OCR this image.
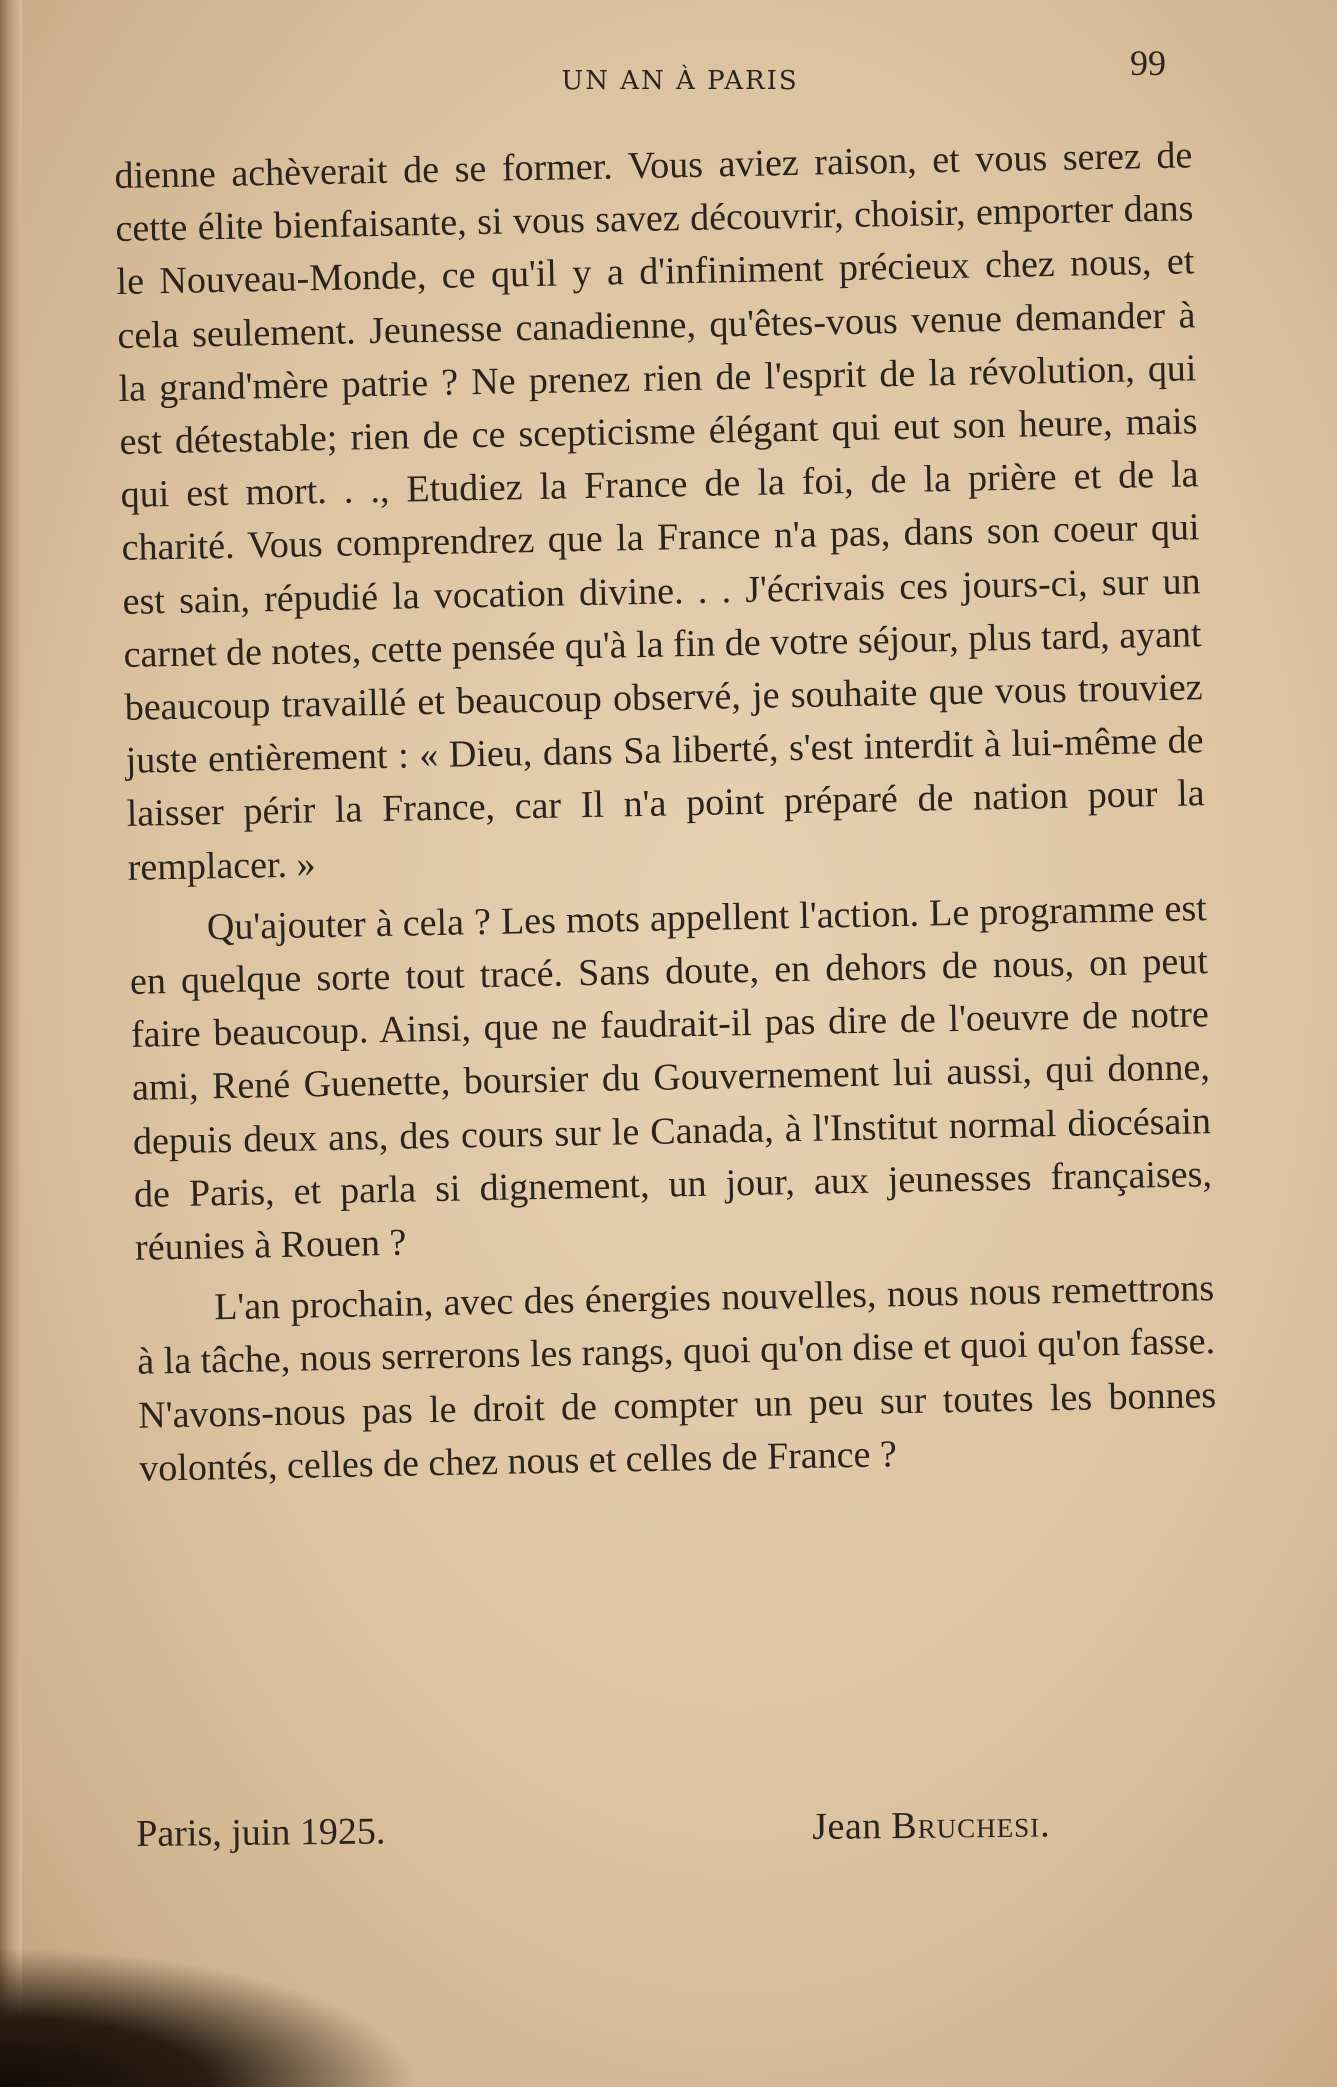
UN AN À PARIS	99

dienne achèverait de se former. Vous aviez raison, et vous serez de cette élite bienfaisante, si vous savez découvrir, choisir, emporter dans le Nouveau-Monde, ce qu'il y a d'infiniment précieux chez nous, et cela seulement. Jeunesse canadienne, qu'êtes-vous venue demander à la grand'mère patrie ? Ne prenez rien de l'esprit de la révolution, qui est détestable; rien de ce scepticisme élégant qui eut son heure, mais qui est mort. . ., Etudiez la France de la foi, de la prière et de la charité. Vous comprendrez que la France n'a pas, dans son coeur qui est sain, répudié la vocation divine. . . J'écrivais ces jours-ci, sur un carnet de notes, cette pensée qu'à la fin de votre séjour, plus tard, ayant beaucoup travaillé et beaucoup observé, je souhaite que vous trouviez juste entièrement : « Dieu, dans Sa liberté, s'est interdit à lui-même de laisser périr la France, car Il n'a point préparé de nation pour la remplacer. »

Qu'ajouter à cela ? Les mots appellent l'action. Le programme est en quelque sorte tout tracé. Sans doute, en dehors de nous, on peut faire beaucoup. Ainsi, que ne faudrait-il pas dire de l'oeuvre de notre ami, René Guenette, boursier du Gouvernement lui aussi, qui donne, depuis deux ans, des cours sur le Canada, à l'Institut normal diocésain de Paris, et parla si dignement, un jour, aux jeunesses françaises, réunies à Rouen ?

L'an prochain, avec des énergies nouvelles, nous nous remettrons à la tâche, nous serrerons les rangs, quoi qu'on dise et quoi qu'on fasse. N'avons-nous pas le droit de compter un peu sur toutes les bonnes volontés, celles de chez nous et celles de France ?

Paris, juin 1925.	Jean Bruchesi.
